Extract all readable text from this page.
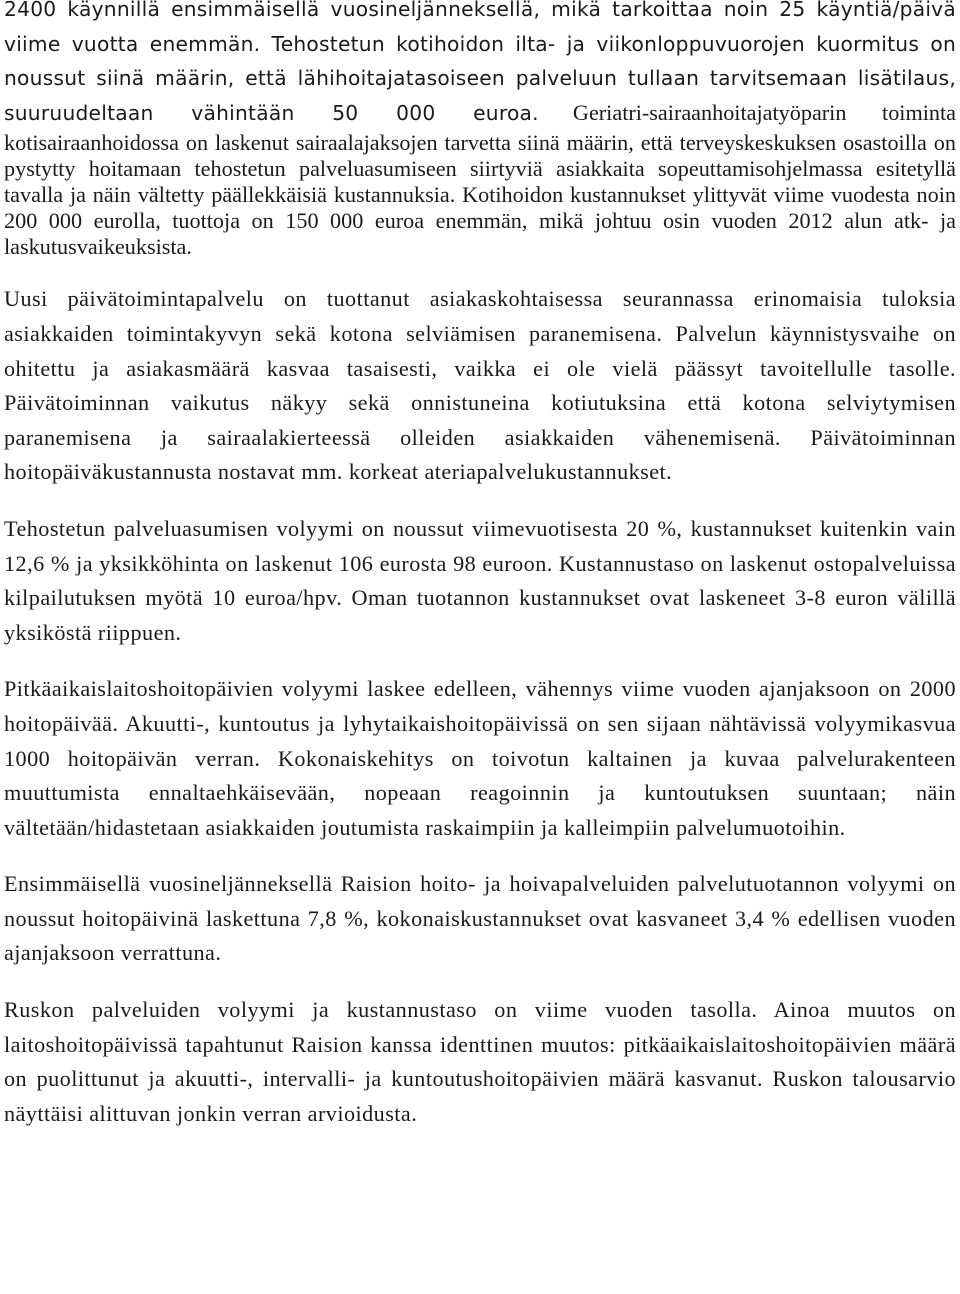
2400 käynnillä ensimmäisellä vuosineljänneksellä, mikä tarkoittaa noin 25 käyntiä/päivä viime vuotta enemmän. Tehostetun kotihoidon ilta- ja viikonloppuvuorojen kuormitus on noussut siinä määrin, että lähihoitajatasoiseen palveluun tullaan tarvitsemaan lisätilaus, suuruudeltaan vähintään 50 000 euroa. Geriatri-sairaanhoitajatyöparin toiminta kotisairaanhoidossa on laskenut sairaalajaksojen tarvetta siinä määrin, että terveyskeskuksen osastoilla on pystytty hoitamaan tehostetun palveluasumiseen siirtyviä asiakkaita sopeuttamisohjelmassa esitetyllä tavalla ja näin vältetty päällekkäisiä kustannuksia. Kotihoidon kustannukset ylittyvät viime vuodesta noin 200 000 eurolla, tuottoja on 150 000 euroa enemmän, mikä johtuu osin vuoden 2012 alun atk- ja laskutusvaikeuksista.

Uusi päivätoimintapalvelu on tuottanut asiakaskohtaisessa seurannassa erinomaisia tuloksia asiakkaiden toimintakyvyn sekä kotona selviämisen paranemisena. Palvelun käynnistysvaihe on ohitettu ja asiakasmäärä kasvaa tasaisesti, vaikka ei ole vielä päässyt tavoitellulle tasolle. Päivätoiminnan vaikutus näkyy sekä onnistuneina kotiutuksina että kotona selviytymisen paranemisena ja sairaalakierteessä olleiden asiakkaiden vähenemisenä. Päivätoiminnan hoitopäiväkustannusta nostavat mm. korkeat ateriapalvelukustannukset.

Tehostetun palveluasumisen volyymi on noussut viimevuotisesta 20 %, kustannukset kuitenkin vain 12,6 % ja yksikköhinta on laskenut 106 eurosta 98 euroon. Kustannustaso on laskenut ostopalveluissa kilpailutuksen myötä 10 euroa/hpv. Oman tuotannon kustannukset ovat laskeneet 3-8 euron välillä yksiköstä riippuen.

Pitkäaikaislaitoshoitopäivien volyymi laskee edelleen, vähennys viime vuoden ajanjaksoon on 2000 hoitopäivää. Akuutti-, kuntoutus ja lyhytaikaishoitopäivissä on sen sijaan nähtävissä volyymikasvua 1000 hoitopäivän verran. Kokonaiskehitys on toivotun kaltainen ja kuvaa palvelurakenteen muuttumista ennaltaehkäisevään, nopeaan reagoinnin ja kuntoutuksen suuntaan; näin vältetään/hidastetaan asiakkaiden joutumista raskaimpiin ja kalleimpiin palvelumuotoihin.

Ensimmäisellä vuosineljänneksellä Raision hoito- ja hoivapalveluiden palvelutuotannon volyymi on noussut hoitopäivinä laskettuna 7,8 %, kokonaiskustannukset ovat kasvaneet 3,4 % edellisen vuoden ajanjaksoon verrattuna.

Ruskon palveluiden volyymi ja kustannustaso on viime vuoden tasolla. Ainoa muutos on laitoshoitopäivissä tapahtunut Raision kanssa identtinen muutos: pitkäaikaislaitoshoitopäivien määrä on puolittunut ja akuutti-, intervalli- ja kuntoutushoitopäivien määrä kasvanut. Ruskon talousarvio näyttäisi alittuvan jonkin verran arvioidusta.
